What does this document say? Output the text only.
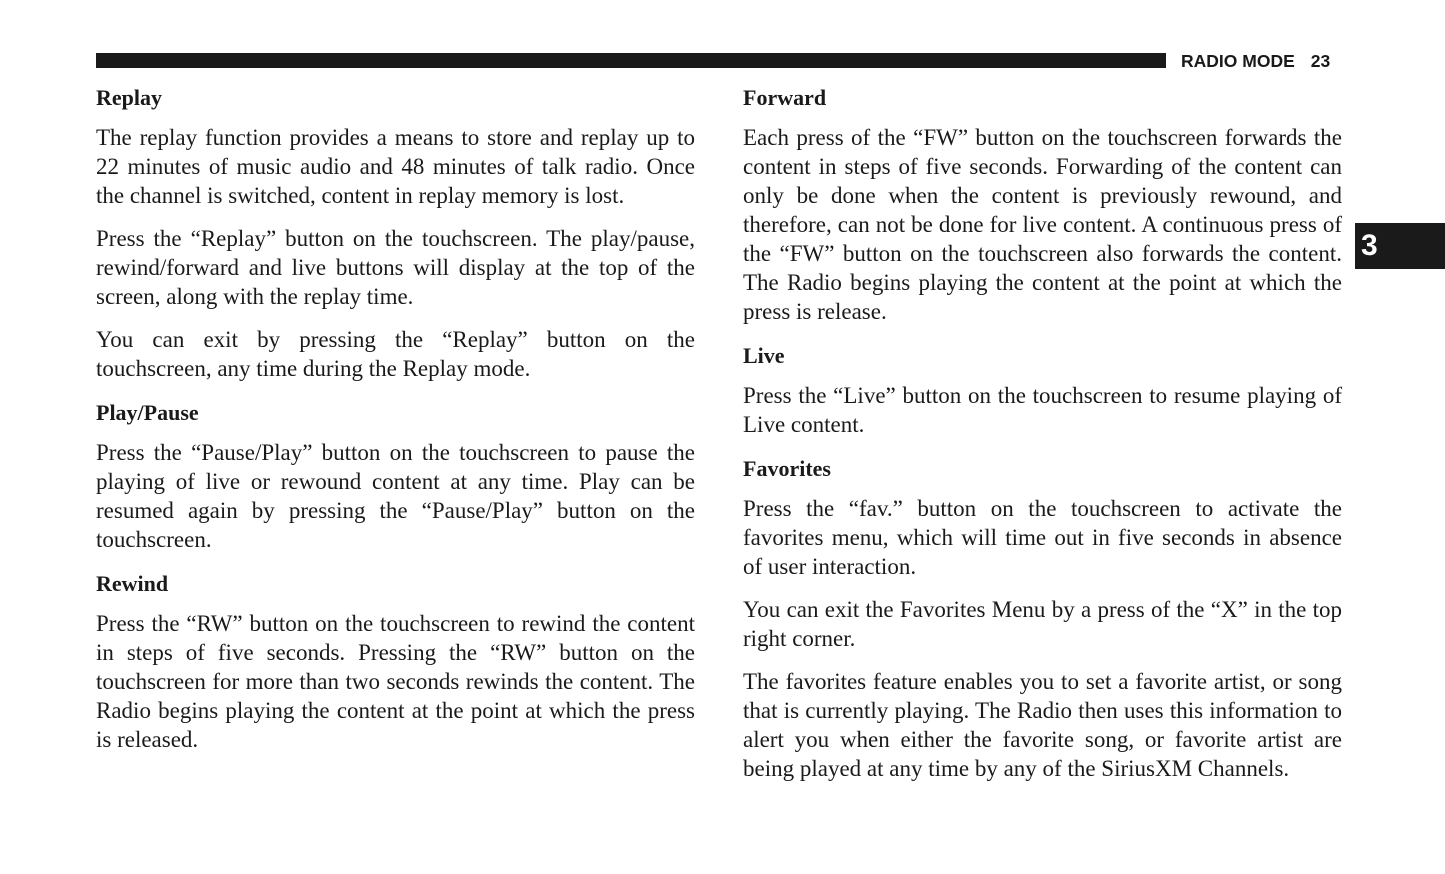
RADIO MODE 23
3
Replay

The replay function provides a means to store and replay up to 22 minutes of music audio and 48 minutes of talk radio. Once the channel is switched, content in replay memory is lost.

Press the “Replay” button on the touchscreen. The play/pause, rewind/forward and live buttons will display at the top of the screen, along with the replay time.

You can exit by pressing the “Replay” button on the touchscreen, any time during the Replay mode.

Play/Pause

Press the “Pause/Play” button on the touchscreen to pause the playing of live or rewound content at any time. Play can be resumed again by pressing the “Pause/Play” button on the touchscreen.

Rewind

Press the “RW” button on the touchscreen to rewind the content in steps of five seconds. Pressing the “RW” button on the touchscreen for more than two seconds rewinds the content. The Radio begins playing the content at the point at which the press is released.

Forward

Each press of the “FW” button on the touchscreen forwards the content in steps of five seconds. Forwarding of the content can only be done when the content is previously rewound, and therefore, can not be done for live content. A continuous press of the “FW” button on the touchscreen also forwards the content. The Radio begins playing the content at the point at which the press is release.

Live

Press the “Live” button on the touchscreen to resume playing of Live content.

Favorites

Press the “fav.” button on the touchscreen to activate the favorites menu, which will time out in five seconds in absence of user interaction.

You can exit the Favorites Menu by a press of the “X” in the top right corner.

The favorites feature enables you to set a favorite artist, or song that is currently playing. The Radio then uses this information to alert you when either the favorite song, or favorite artist are being played at any time by any of the SiriusXM Channels.
